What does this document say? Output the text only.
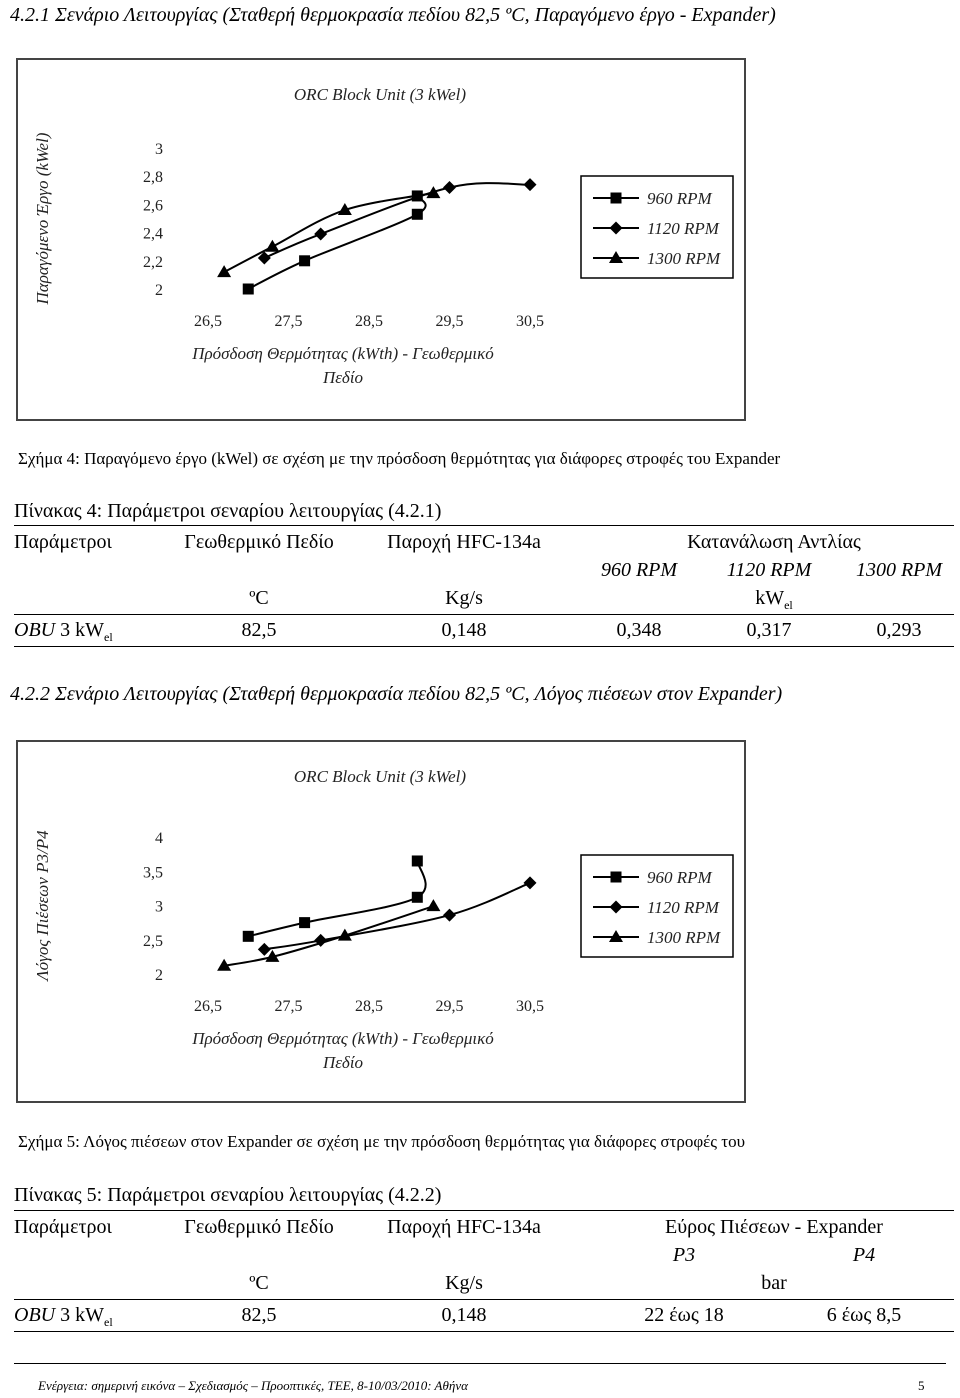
4.2.1 Σενάριο Λειτουργίας (Σταθερή θερμοκρασία πεδίου 82,5 ºC, Παραγόμενο έργο - Expander)
ORC Block Unit (3 kWel)
2
2,2
2,4
2,6
2,8
3
26,5	27,5	28,5	29,5	30,5
Πρόσδοση Θερμότητας (kWth) - Γεωθερμικό Πεδίο
Παραγόμενο Έργο (kWel)	960 RPM
1120 RPM
1300 RPM
Σχήμα 4: Παραγόμενο έργο (kWel) σε σχέση με την πρόσδοση θερμότητας για διάφορες στροφές του Expander
Πίνακας 4: Παράμετροι σεναρίου λειτουργίας (4.2.1)
Παράμετροι	Γεωθερμικό Πεδίο	Παροχή HFC-134a	Κατανάλωση Αντλίας
960 RPM	1120 RPM	1300 RPM
ºC	Kg/s	$kW_{el}$
OBU 3 $kW_{el}$	82,5	0,148	0,348	0,317	0,293
4.2.2 Σενάριο Λειτουργίας (Σταθερή θερμοκρασία πεδίου 82,5 ºC, Λόγος πιέσεων στον Expander)
ORC Block Unit (3 kWel)
2
2,5
3
3,5
4
26,5	27,5	28,5	29,5	30,5
Πρόσδοση Θερμότητας (kWth) - Γεωθερμικό Πεδίο
Λόγος Πιέσεων P3/P4	960 RPM
1120 RPM
1300 RPM
Σχήμα 5: Λόγος πιέσεων στον Expander σε σχέση με την πρόσδοση θερμότητας για διάφορες στροφές του
Πίνακας 5: Παράμετροι σεναρίου λειτουργίας (4.2.2)
Παράμετροι	Γεωθερμικό Πεδίο	Παροχή HFC-134a	Εύρος Πιέσεων - Expander
P3	P4
ºC	Kg/s	bar
OBU 3 $kW_{el}$	82,5	0,148	22 έως 18	6 έως 8,5
Ενέργεια: σημερινή εικόνα – Σχεδιασμός – Προοπτικές, ΤΕΕ, 8-10/03/2010: Αθήνα	5
